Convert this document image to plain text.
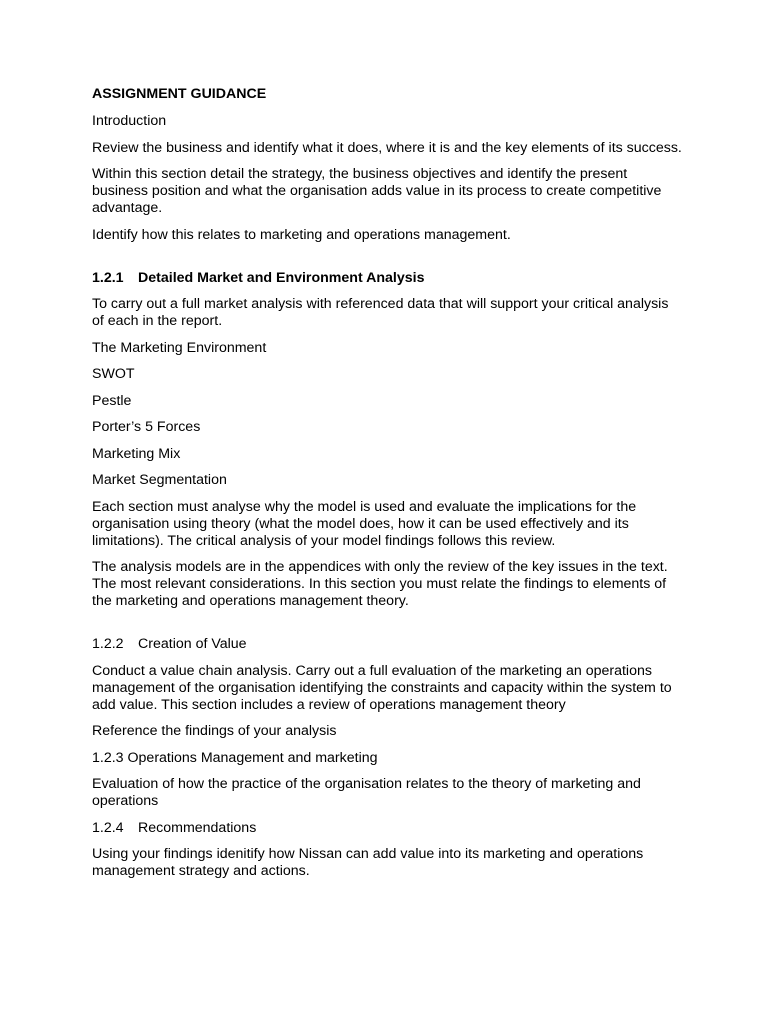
ASSIGNMENT GUIDANCE

Introduction

Review the business and identify what it does, where it is and the key elements of its success.

Within this section detail the strategy, the business objectives and identify the present business position and what the organisation adds value in its process to create competitive advantage.

Identify how this relates to marketing and operations management.

1.2.1 Detailed Market and Environment Analysis

To carry out a full market analysis with referenced data that will support your critical analysis of each in the report.

The Marketing Environment

SWOT

Pestle

Porter’s 5 Forces

Marketing Mix

Market Segmentation

Each section must analyse why the model is used and evaluate the implications for the organisation using theory (what the model does, how it can be used effectively and its limitations). The critical analysis of your model findings follows this review.

The analysis models are in the appendices with only the review of the key issues in the text. The most relevant considerations. In this section you must relate the findings to elements of the marketing and operations management theory.

1.2.2 Creation of Value

Conduct a value chain analysis. Carry out a full evaluation of the marketing an operations management of the organisation identifying the constraints and capacity within the system to add value. This section includes a review of operations management theory

Reference the findings of your analysis

1.2.3 Operations Management and marketing

Evaluation of how the practice of the organisation relates to the theory of marketing and operations

1.2.4 Recommendations

Using your findings idenitify how Nissan can add value into its marketing and operations management strategy and actions.
